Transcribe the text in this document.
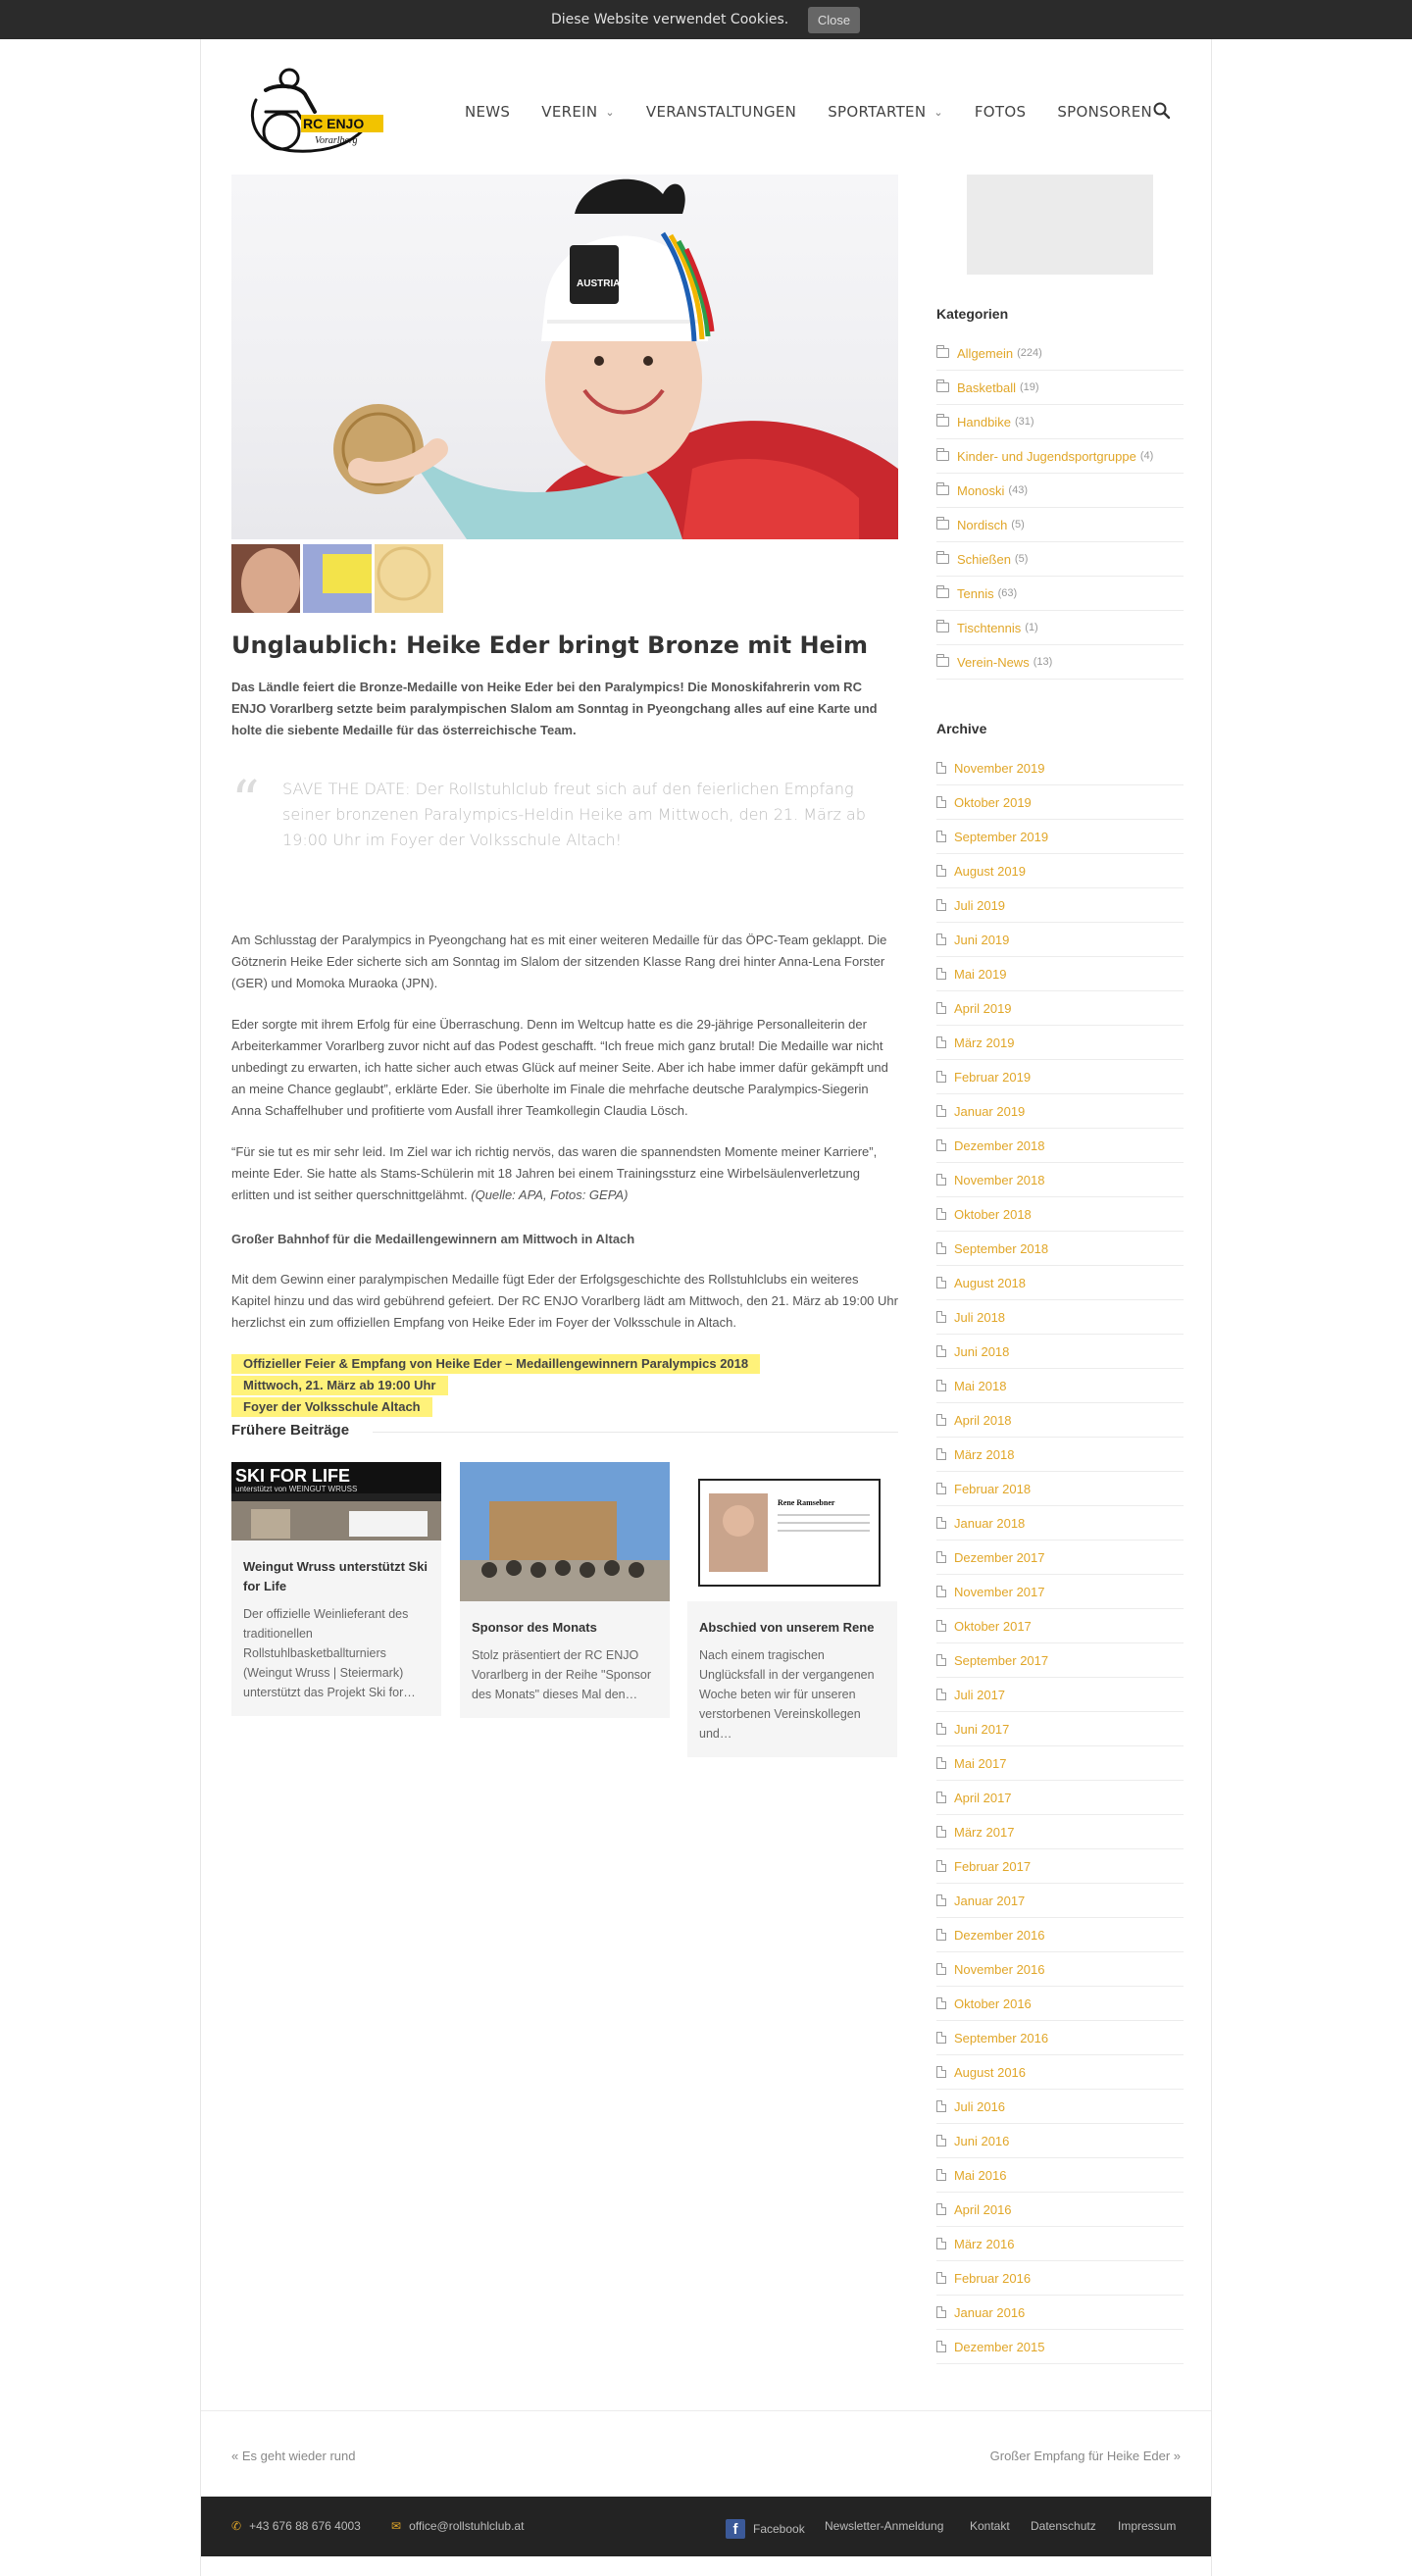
Diese Website verwendet Cookies.	Close
RC ENJO
Vorarlberg
NEWS VEREIN ⌄ VERANSTALTUNGEN SPORTARTEN ⌄ FOTOS SPONSOREN
AUSTRIA
Unglaublich: Heike Eder bringt Bronze mit Heim

Das Ländle feiert die Bronze-Medaille von Heike Eder bei den Paralympics! Die Monoskifahrerin vom RC ENJO Vorarlberg setzte beim paralympischen Slalom am Sonntag in Pyeongchang alles auf eine Karte und holte die siebente Medaille für das österreichische Team.

“ SAVE THE DATE: Der Rollstuhlclub freut sich auf den feierlichen Empfang seiner bronzenen Paralympics-Heldin Heike am Mittwoch, den 21. März ab 19:00 Uhr im Foyer der Volksschule Altach!

Am Schlusstag der Paralympics in Pyeongchang hat es mit einer weiteren Medaille für das ÖPC-Team geklappt. Die Götznerin Heike Eder sicherte sich am Sonntag im Slalom der sitzenden Klasse Rang drei hinter Anna-Lena Forster (GER) und Momoka Muraoka (JPN).

Eder sorgte mit ihrem Erfolg für eine Überraschung. Denn im Weltcup hatte es die 29-jährige Personalleiterin der Arbeiterkammer Vorarlberg zuvor nicht auf das Podest geschafft. “Ich freue mich ganz brutal! Die Medaille war nicht unbedingt zu erwarten, ich hatte sicher auch etwas Glück auf meiner Seite. Aber ich habe immer dafür gekämpft und an meine Chance geglaubt”, erklärte Eder. Sie überholte im Finale die mehrfache deutsche Paralympics-Siegerin Anna Schaffelhuber und profitierte vom Ausfall ihrer Teamkollegin Claudia Lösch.

“Für sie tut es mir sehr leid. Im Ziel war ich richtig nervös, das waren die spannendsten Momente meiner Karriere”, meinte Eder. Sie hatte als Stams-Schülerin mit 18 Jahren bei einem Trainingssturz eine Wirbelsäulenverletzung erlitten und ist seither querschnittgelähmt. (Quelle: APA, Fotos: GEPA)

Großer Bahnhof für die Medaillengewinnern am Mittwoch in Altach

Mit dem Gewinn einer paralympischen Medaille fügt Eder der Erfolgsgeschichte des Rollstuhlclubs ein weiteres Kapitel hinzu und das wird gebührend gefeiert. Der RC ENJO Vorarlberg lädt am Mittwoch, den 21. März ab 19:00 Uhr herzlichst ein zum offiziellen Empfang von Heike Eder im Foyer der Volksschule in Altach.

Offizieller Feier & Empfang von Heike Eder – Medaillengewinnern Paralympics 2018
Mittwoch, 21. März ab 19:00 Uhr
Foyer der Volksschule Altach
Frühere Beiträge
SKI FOR LIFE
unterstützt von WEINGUT WRUSS
Weingut Wruss unterstützt Ski for Life
Der offizielle Weinlieferant des traditionellen Rollstuhlbasketballturniers (Weingut Wruss | Steiermark) unterstützt das Projekt Ski for…
Sponsor des Monats
Stolz präsentiert der RC ENJO Vorarlberg in der Reihe "Sponsor des Monats" dieses Mal den…
Rene Ramsebner
Abschied von unserem Rene
Nach einem tragischen Unglücksfall in der vergangenen Woche beten wir für unseren verstorbenen Vereinskollegen und…
Kategorien
Allgemein (224)
Basketball (19)
Handbike (31)
Kinder- und Jugendsportgruppe (4)
Monoski (43)
Nordisch (5)
Schießen (5)
Tennis (63)
Tischtennis (1)
Verein-News (13)
Archive
November 2019
Oktober 2019
September 2019
August 2019
Juli 2019
Juni 2019
Mai 2019
April 2019
März 2019
Februar 2019
Januar 2019
Dezember 2018
November 2018
Oktober 2018
September 2018
August 2018
Juli 2018
Juni 2018
Mai 2018
April 2018
März 2018
Februar 2018
Januar 2018
Dezember 2017
November 2017
Oktober 2017
September 2017
Juli 2017
Juni 2017
Mai 2017
April 2017
März 2017
Februar 2017
Januar 2017
Dezember 2016
November 2016
Oktober 2016
September 2016
August 2016
Juli 2016
Juni 2016
Mai 2016
April 2016
März 2016
Februar 2016
Januar 2016
Dezember 2015
« Es geht wieder rund	Großer Empfang für Heike Eder »
✆ +43 676 88 676 4003	✉ office@rollstuhlclub.at	f	Facebook Newsletter-Anmeldung Kontakt Datenschutz Impressum
